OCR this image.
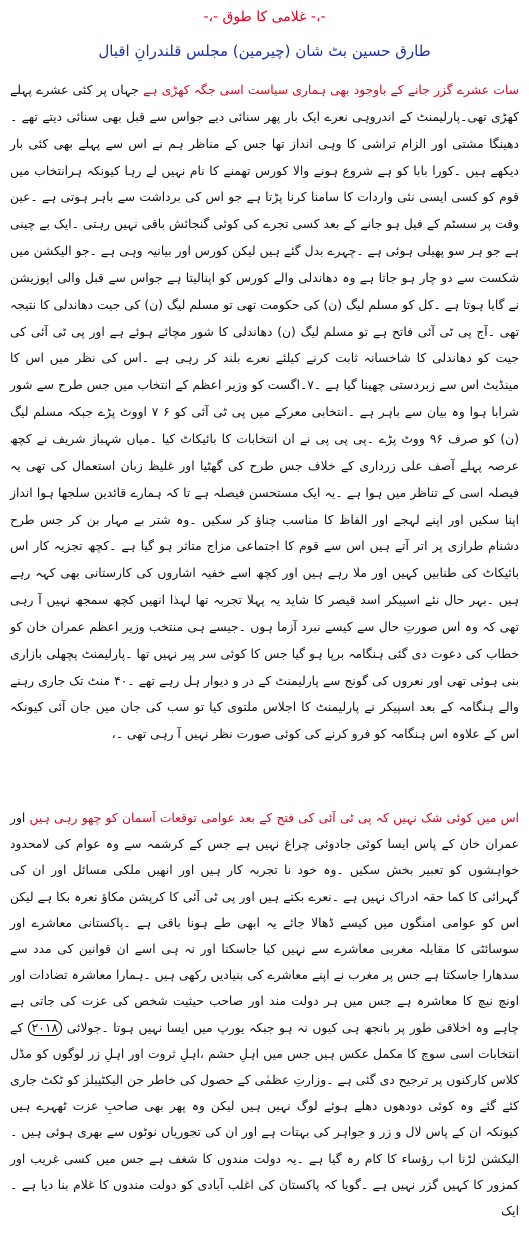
-،- غلامی کا طوق -،-
طارق حسین بٹ شان (چیرمین) مجلس قلندرانِ اقبال

سات عشرے گزر جانے کے باوجود بھی ہماری سیاست اسی جگہ کھڑی ہے جہاں پر کئی عشرے پہلے کھڑی تھی۔پارلیمنٹ کے اندروہی نعرے ایک بار پھر سنائی دیے جواس سے قبل بھی سنائی دیتے تھے ۔دھینگا مشتی اور الزام تراشی کا وہی انداز تھا جس کے مناظر ہم نے اس سے پہلے بھی کئی بار دیکھے ہیں ۔کورا بابا کو ہے شروع ہونے والا کورس تھمنے کا نام نہیں لے رہا کیونکہ ہرانتخاب میں قوم کو کسی ایسی نئی واردات کا سامنا کرنا پڑتا ہے جو اس کی برداشت سے باہر ہوتی ہے ۔عین وقت پر سسٹم کے فیل ہو جانے کے بعد کسی تجرے کی کوئی گنجائش باقی نہیں رہتی ۔ایک بے چینی ہے جو ہر سو پھیلی ہوئی ہے ۔چہرے بدل گئے ہیں لیکن کورس اور بیانیہ وہی ہے ۔جو الیکشن میں شکست سے دو چار ہو جاتا ہے وہ دھاندلی والے کورس کو اپنالیتا ہے جواس سے قبل والی اپوزیشن نے گایا ہوتا ہے ۔کل کو مسلم لیگ (ن) کی حکومت تھی تو مسلم لیگ (ن) کی جیت دھاندلی کا نتیجہ تھی ۔آج پی ٹی آئی فاتح ہے تو مسلم لیگ (ن) دھاندلی کا شور مچائے ہوئے ہے اور پی ٹی آئی کی جیت کو دھاندلی کا شاخسانہ ثابت کرنے کیلئے نعرے بلند کر رہی ہے ۔اس کی نظر میں اس کا مینڈیٹ اس سے زبردستی چھینا گیا ہے ۔۷۔اگست کو وزیر اعظم کے انتخاب میں جس طرح سے شور شرابا ہوا وہ بیان سے باہر ہے ۔انتخابی معرکے میں پی ٹی آئی کو ۶ ۷ اووٹ پڑے جبکہ مسلم لیگ (ن) کو صرف ۹۶ ووٹ پڑے ۔پی پی پی نے ان انتخابات کا بائیکاٹ کیا ۔میاں شہباز شریف نے کچھ عرصہ پہلے آصف علی زرداری کے خلاف جس طرح کی گھٹیا اور غلیظ زبان استعمال کی تھی یہ فیصلہ اسی کے تناظر میں ہوا ہے ۔یہ ایک مستحسن فیصلہ ہے تا کہ ہمارے قائدین سلجھا ہوا انداز اپنا سکیں اور اپنے لہجے اور الفاظ کا مناسب چناؤ کر سکیں ۔وہ شتر بے مہار بن کر جس طرح دشنام طرازی پر اتر آتے ہیں اس سے قوم کا اجتماعی مزاج متاثر ہو گیا ہے ۔کچھ تجزیہ کار اس بائیکاٹ کی طنابیں کہیں اور ملا رہے ہیں اور کچھ اسے خفیہ اشاروں کی کارستانی بھی کہہ رہے ہیں ۔بہر حال نئے اسپیکر اسد قیصر کا شاید یہ پہلا تجربہ تھا لہذا انھیں کچھ سمجھ نہیں آ رہی تھی کہ وہ اس صورتِ حال سے کیسے نبرد آزما ہوں ۔جیسے ہی منتخب وزیر اعظم عمران خان کو خطاب کی دعوت دی گئی ہنگامہ برپا ہو گیا جس کا کوئی سر پیر نہیں تھا ۔پارلیمنٹ پچھلی بازاری بنی ہوئی تھی اور نعروں کی گونج سے پارلیمنٹ کے در و دیوار ہل رہے تھے ۔۴۰ منٹ تک جاری رہنے والے ہنگامہ کے بعد اسپیکر نے پارلیمنٹ کا اجلاس ملتوی کیا تو سب کی جان میں جان آئی کیونکہ اس کے علاوہ اس ہنگامہ کو فرو کرنے کی کوئی صورت نظر نہیں آ رہی تھی ۔،

اس میں کوئی شک نہیں کہ پی ٹی آئی کی فتح کے بعد عوامی توقعات آسمان کو چھو رہی ہیں اور عمران خان کے پاس ایسا کوئی جادوئی چراغ نہیں ہے جس کے کرشمہ سے وہ عوام کی لامحدود خواہشوں کو تعبیر بخش سکیں ۔وہ خود نا تجربہ کار ہیں اور انھیں ملکی مسائل اور ان کی گہرائی کا کما حقہ ادراک نہیں ہے ۔نعرے بکتے ہیں اور پی ٹی آئی کا کرپشن مکاؤ نعرہ بکا ہے لیکن اس کو عوامی امنگوں میں کیسے ڈھالا جائے یہ ابھی طے ہونا باقی ہے ۔پاکستانی معاشرے اور سوسائٹی کا مقابلہ مغربی معاشرے سے نہیں کیا جاسکتا اور نہ ہی اسے ان قوانین کی مدد سے سدھارا جاسکتا ہے جس پر مغرب نے اپنے معاشرے کی بنیادیں رکھی ہیں ۔ہمارا معاشرہ تضادات اور اونچ نیچ کا معاشرہ ہے جس میں ہر دولت مند اور صاحب حیثیت شخص کی عزت کی جاتی ہے چاہے وہ اخلاقی طور پر بانجھ ہی کیوں نہ ہو جبکہ یورپ میں ایسا نہیں ہوتا ۔جولائی ۲۰۱۸ کے انتخابات اسی سوچ کا مکمل عکس ہیں جس میں اہلِ حشم ،اہلِ ثروت اور اہلِ زر لوگوں کو مڈل کلاس کارکنوں پر ترجیح دی گئی ہے ۔وزارتِ عظمٰی کے حصول کی خاطر جن الیکٹیبلز کو ٹکٹ جاری کئے گئے وہ کوئی دودھوں دھلے ہوئے لوگ نہیں ہیں لیکن وہ پھر بھی صاحبِ عزت ٹھہرے ہیں کیونکہ ان کے پاس لال و زر و جواہر کی بہتات ہے اور ان کی تجوریاں نوٹوں سے بھری ہوئی ہیں ۔الیکشن لڑنا اب رؤساء کا کام رہ گیا ہے ۔یہ دولت مندوں کا شغف ہے جس میں کسی غریب اور کمزور کا کہیں گزر نہیں ہے ۔گویا کہ پاکستان کی اغلب آبادی کو دولت مندوں کا غلام بنا دیا ہے ۔ایک
